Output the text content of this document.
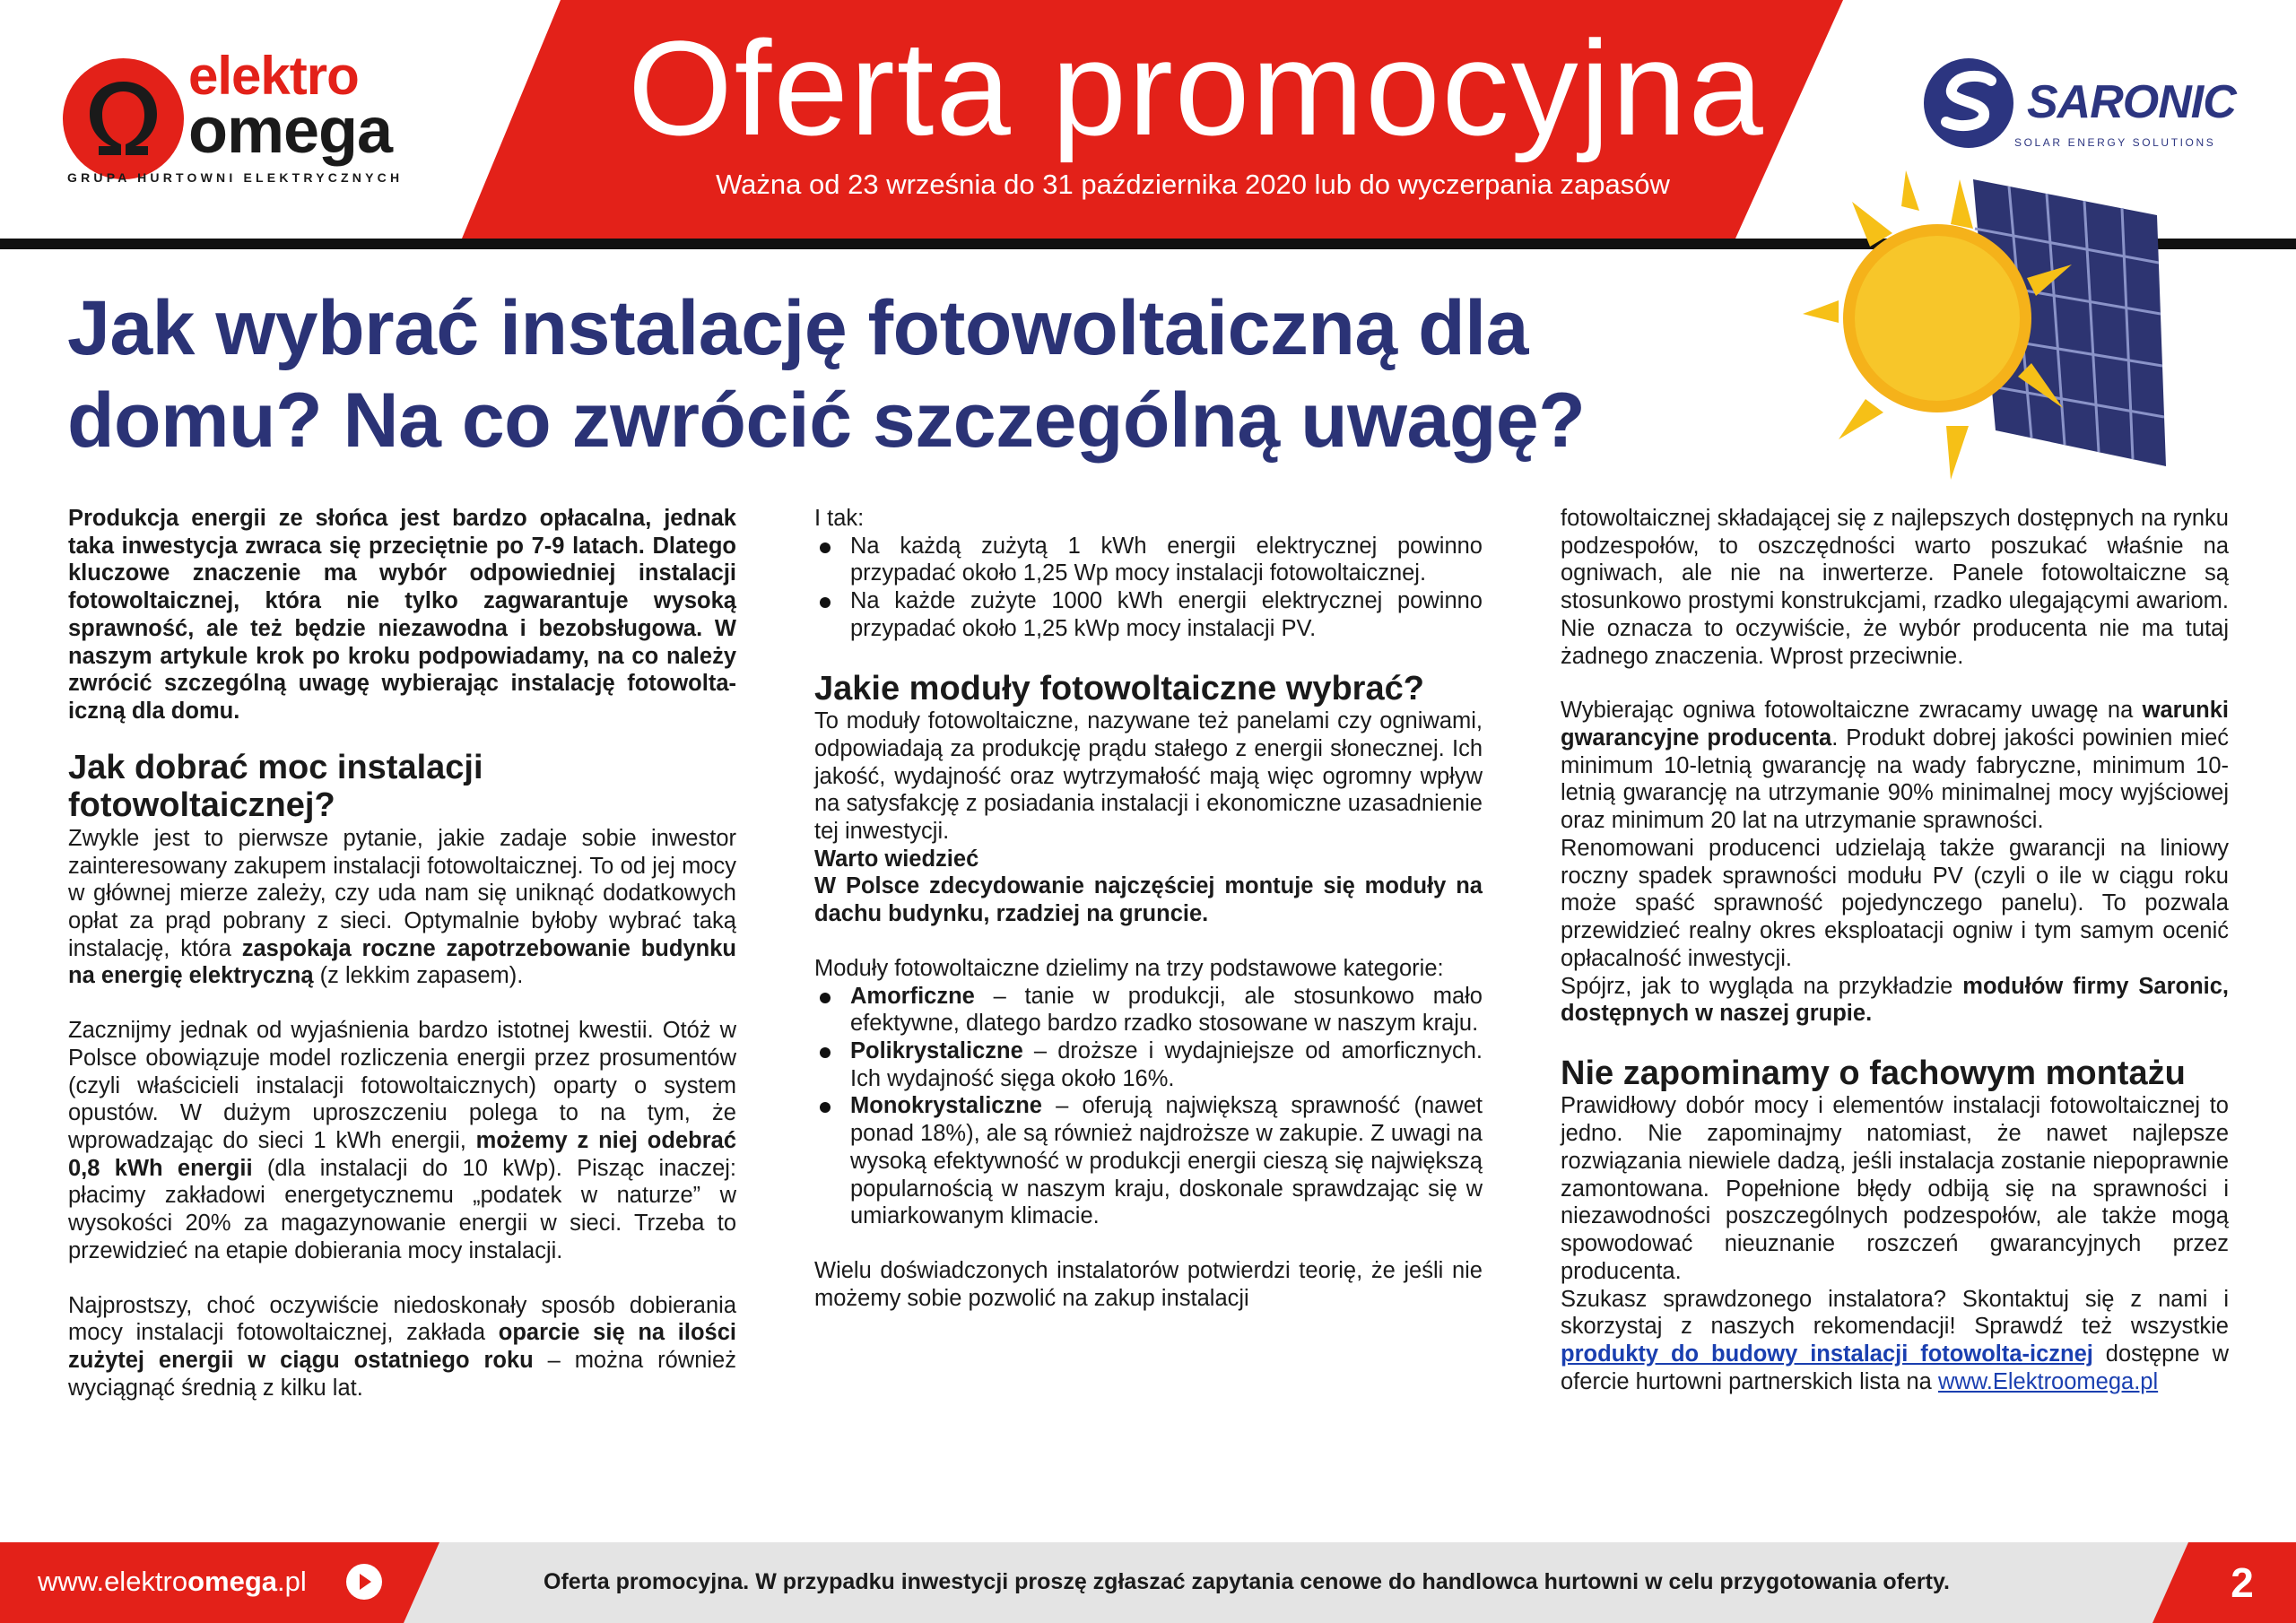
elektro
omega
GRUPA HURTOWNI ELEKTRYCZNYCH
Oferta promocyjna
Ważna od 23 września do 31 października 2020 lub do wyczerpania zapasów
SARONIC
SOLAR ENERGY SOLUTIONS
Jak wybrać instalację fotowoltaiczną dla
domu? Na co zwrócić szczególną uwagę?

Produkcja energii ze słońca jest bardzo opłacalna, jednak taka inwestycja zwraca się przeciętnie po 7-9 latach. Dlatego kluczowe znaczenie ma wybór odpowiedniej instalacji fotowoltaicznej, która nie tylko zagwarantuje wysoką sprawność, ale też będzie niezawodna i bezobsługowa. W naszym artykule krok po kroku podpowiadamy, na co należy zwrócić szczególną uwagę wybierając instalację fotowolta-iczną dla domu.

Jak dobrać moc instalacji fotowoltaicznej?

Zwykle jest to pierwsze pytanie, jakie zadaje sobie inwestor zainteresowany zakupem instalacji fotowoltaicznej. To od jej mocy w głównej mierze zależy, czy uda nam się uniknąć dodatkowych opłat za prąd pobrany z sieci. Optymalnie byłoby wybrać taką instalację, która zaspokaja roczne zapotrzebowanie budynku na energię elektryczną (z lekkim zapasem).

Zacznijmy jednak od wyjaśnienia bardzo istotnej kwestii. Otóż w Polsce obowiązuje model rozliczenia energii przez prosumentów (czyli właścicieli instalacji fotowoltaicznych) oparty o system opustów. W dużym uproszczeniu polega to na tym, że wprowadzając do sieci 1 kWh energii, możemy z niej odebrać 0,8 kWh energii (dla instalacji do 10 kWp). Pisząc inaczej: płacimy zakładowi energetycznemu „podatek w naturze” w wysokości 20% za magazynowanie energii w sieci. Trzeba to przewidzieć na etapie dobierania mocy instalacji.

Najprostszy, choć oczywiście niedoskonały sposób dobierania mocy instalacji fotowoltaicznej, zakłada oparcie się na ilości zużytej energii w ciągu ostatniego roku – można również wyciągnąć średnią z kilku lat.

I tak:

Na każdą zużytą 1 kWh energii elektrycznej powinno przypadać około 1,25 Wp mocy instalacji fotowoltaicznej.
Na każde zużyte 1000 kWh energii elektrycznej powinno przypadać około 1,25 kWp mocy instalacji PV.
Jakie moduły fotowoltaiczne wybrać?

To moduły fotowoltaiczne, nazywane też panelami czy ogniwami, odpowiadają za produkcję prądu stałego z energii słonecznej. Ich jakość, wydajność oraz wytrzymałość mają więc ogromny wpływ na satysfakcję z posiadania instalacji i ekonomiczne uzasadnienie tej inwestycji.

Warto wiedzieć

W Polsce zdecydowanie najczęściej montuje się moduły na dachu budynku, rzadziej na gruncie.

Moduły fotowoltaiczne dzielimy na trzy podstawowe kategorie:

Amorficzne – tanie w produkcji, ale stosunkowo mało efektywne, dlatego bardzo rzadko stosowane w naszym kraju.
Polikrystaliczne – droższe i wydajniejsze od amorficznych. Ich wydajność sięga około 16%.
Monokrystaliczne – oferują największą sprawność (nawet ponad 18%), ale są również najdroższe w zakupie. Z uwagi na wysoką efektywność w produkcji energii cieszą się największą popularnością w naszym kraju, doskonale sprawdzając się w umiarkowanym klimacie.

Wielu doświadczonych instalatorów potwierdzi teorię, że jeśli nie możemy sobie pozwolić na zakup instalacji

fotowoltaicznej składającej się z najlepszych dostępnych na rynku podzespołów, to oszczędności warto poszukać właśnie na ogniwach, ale nie na inwerterze. Panele fotowoltaiczne są stosunkowo prostymi konstrukcjami, rzadko ulegającymi awariom. Nie oznacza to oczywiście, że wybór producenta nie ma tutaj żadnego znaczenia. Wprost przeciwnie.

Wybierając ogniwa fotowoltaiczne zwracamy uwagę na warunki gwarancyjne producenta. Produkt dobrej jakości powinien mieć minimum 10-letnią gwarancję na wady fabryczne, minimum 10-letnią gwarancję na utrzymanie 90% minimalnej mocy wyjściowej oraz minimum 20 lat na utrzymanie sprawności.

Renomowani producenci udzielają także gwarancji na liniowy roczny spadek sprawności modułu PV (czyli o ile w ciągu roku może spaść sprawność pojedynczego panelu). To pozwala przewidzieć realny okres eksploatacji ogniw i tym samym ocenić opłacalność inwestycji.

Spójrz, jak to wygląda na przykładzie modułów firmy Saronic, dostępnych w naszej grupie.

Nie zapominamy o fachowym montażu

Prawidłowy dobór mocy i elementów instalacji fotowoltaicznej to jedno. Nie zapominajmy natomiast, że nawet najlepsze rozwiązania niewiele dadzą, jeśli instalacja zostanie niepoprawnie zamontowana. Popełnione błędy odbiją się na sprawności i niezawodności poszczególnych podzespołów, ale także mogą spowodować nieuznanie roszczeń gwarancyjnych przez producenta.

Szukasz sprawdzonego instalatora? Skontaktuj się z nami i skorzystaj z naszych rekomendacji! Sprawdź też wszystkie produkty do budowy instalacji fotowolta-icznej dostępne w ofercie hurtowni partnerskich lista na www.Elektroomega.pl

www.elektroomega.pl	Oferta promocyjna. W przypadku inwestycji proszę zgłaszać zapytania cenowe do handlowca hurtowni w celu przygotowania oferty.	2
